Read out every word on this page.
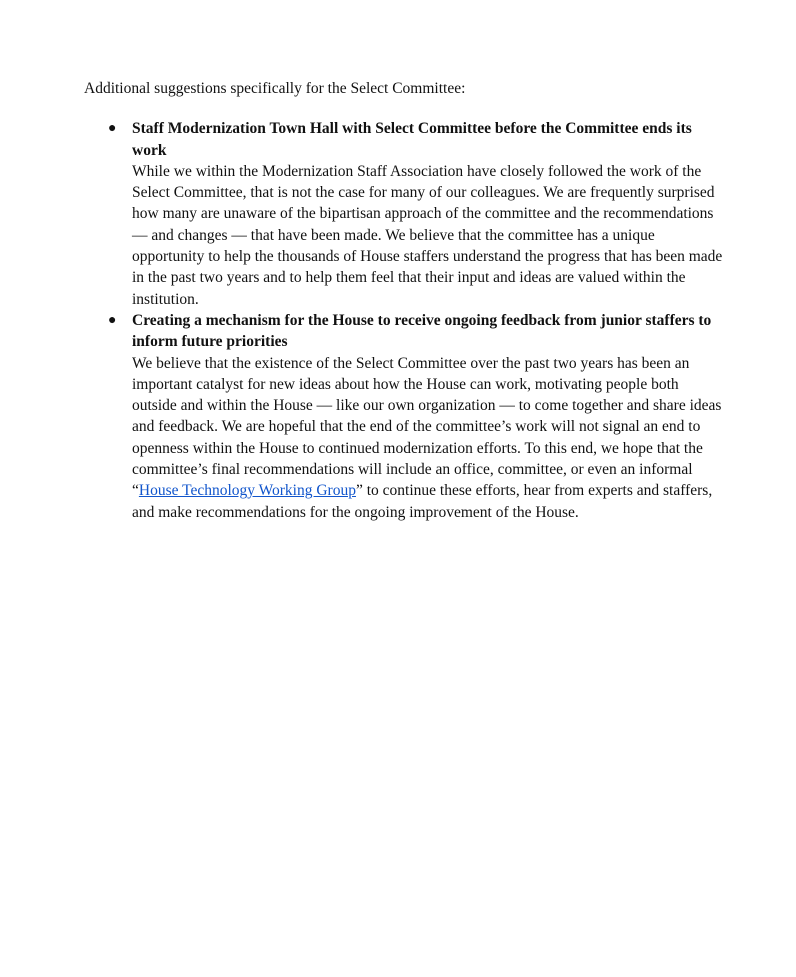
Additional suggestions specifically for the Select Committee:

● Staff Modernization Town Hall with Select Committee before the Committee ends its work

While we within the Modernization Staff Association have closely followed the work of the Select Committee, that is not the case for many of our colleagues. We are frequently surprised how many are unaware of the bipartisan approach of the committee and the recommendations — and changes — that have been made. We believe that the committee has a unique opportunity to help the thousands of House staffers understand the progress that has been made in the past two years and to help them feel that their input and ideas are valued within the institution.

● Creating a mechanism for the House to receive ongoing feedback from junior staffers to inform future priorities

We believe that the existence of the Select Committee over the past two years has been an important catalyst for new ideas about how the House can work, motivating people both outside and within the House — like our own organization — to come together and share ideas and feedback. We are hopeful that the end of the committee’s work will not signal an end to openness within the House to continued modernization efforts. To this end, we hope that the committee’s final recommendations will include an office, committee, or even an informal “House Technology Working Group” to continue these efforts, hear from experts and staffers, and make recommendations for the ongoing improvement of the House.
